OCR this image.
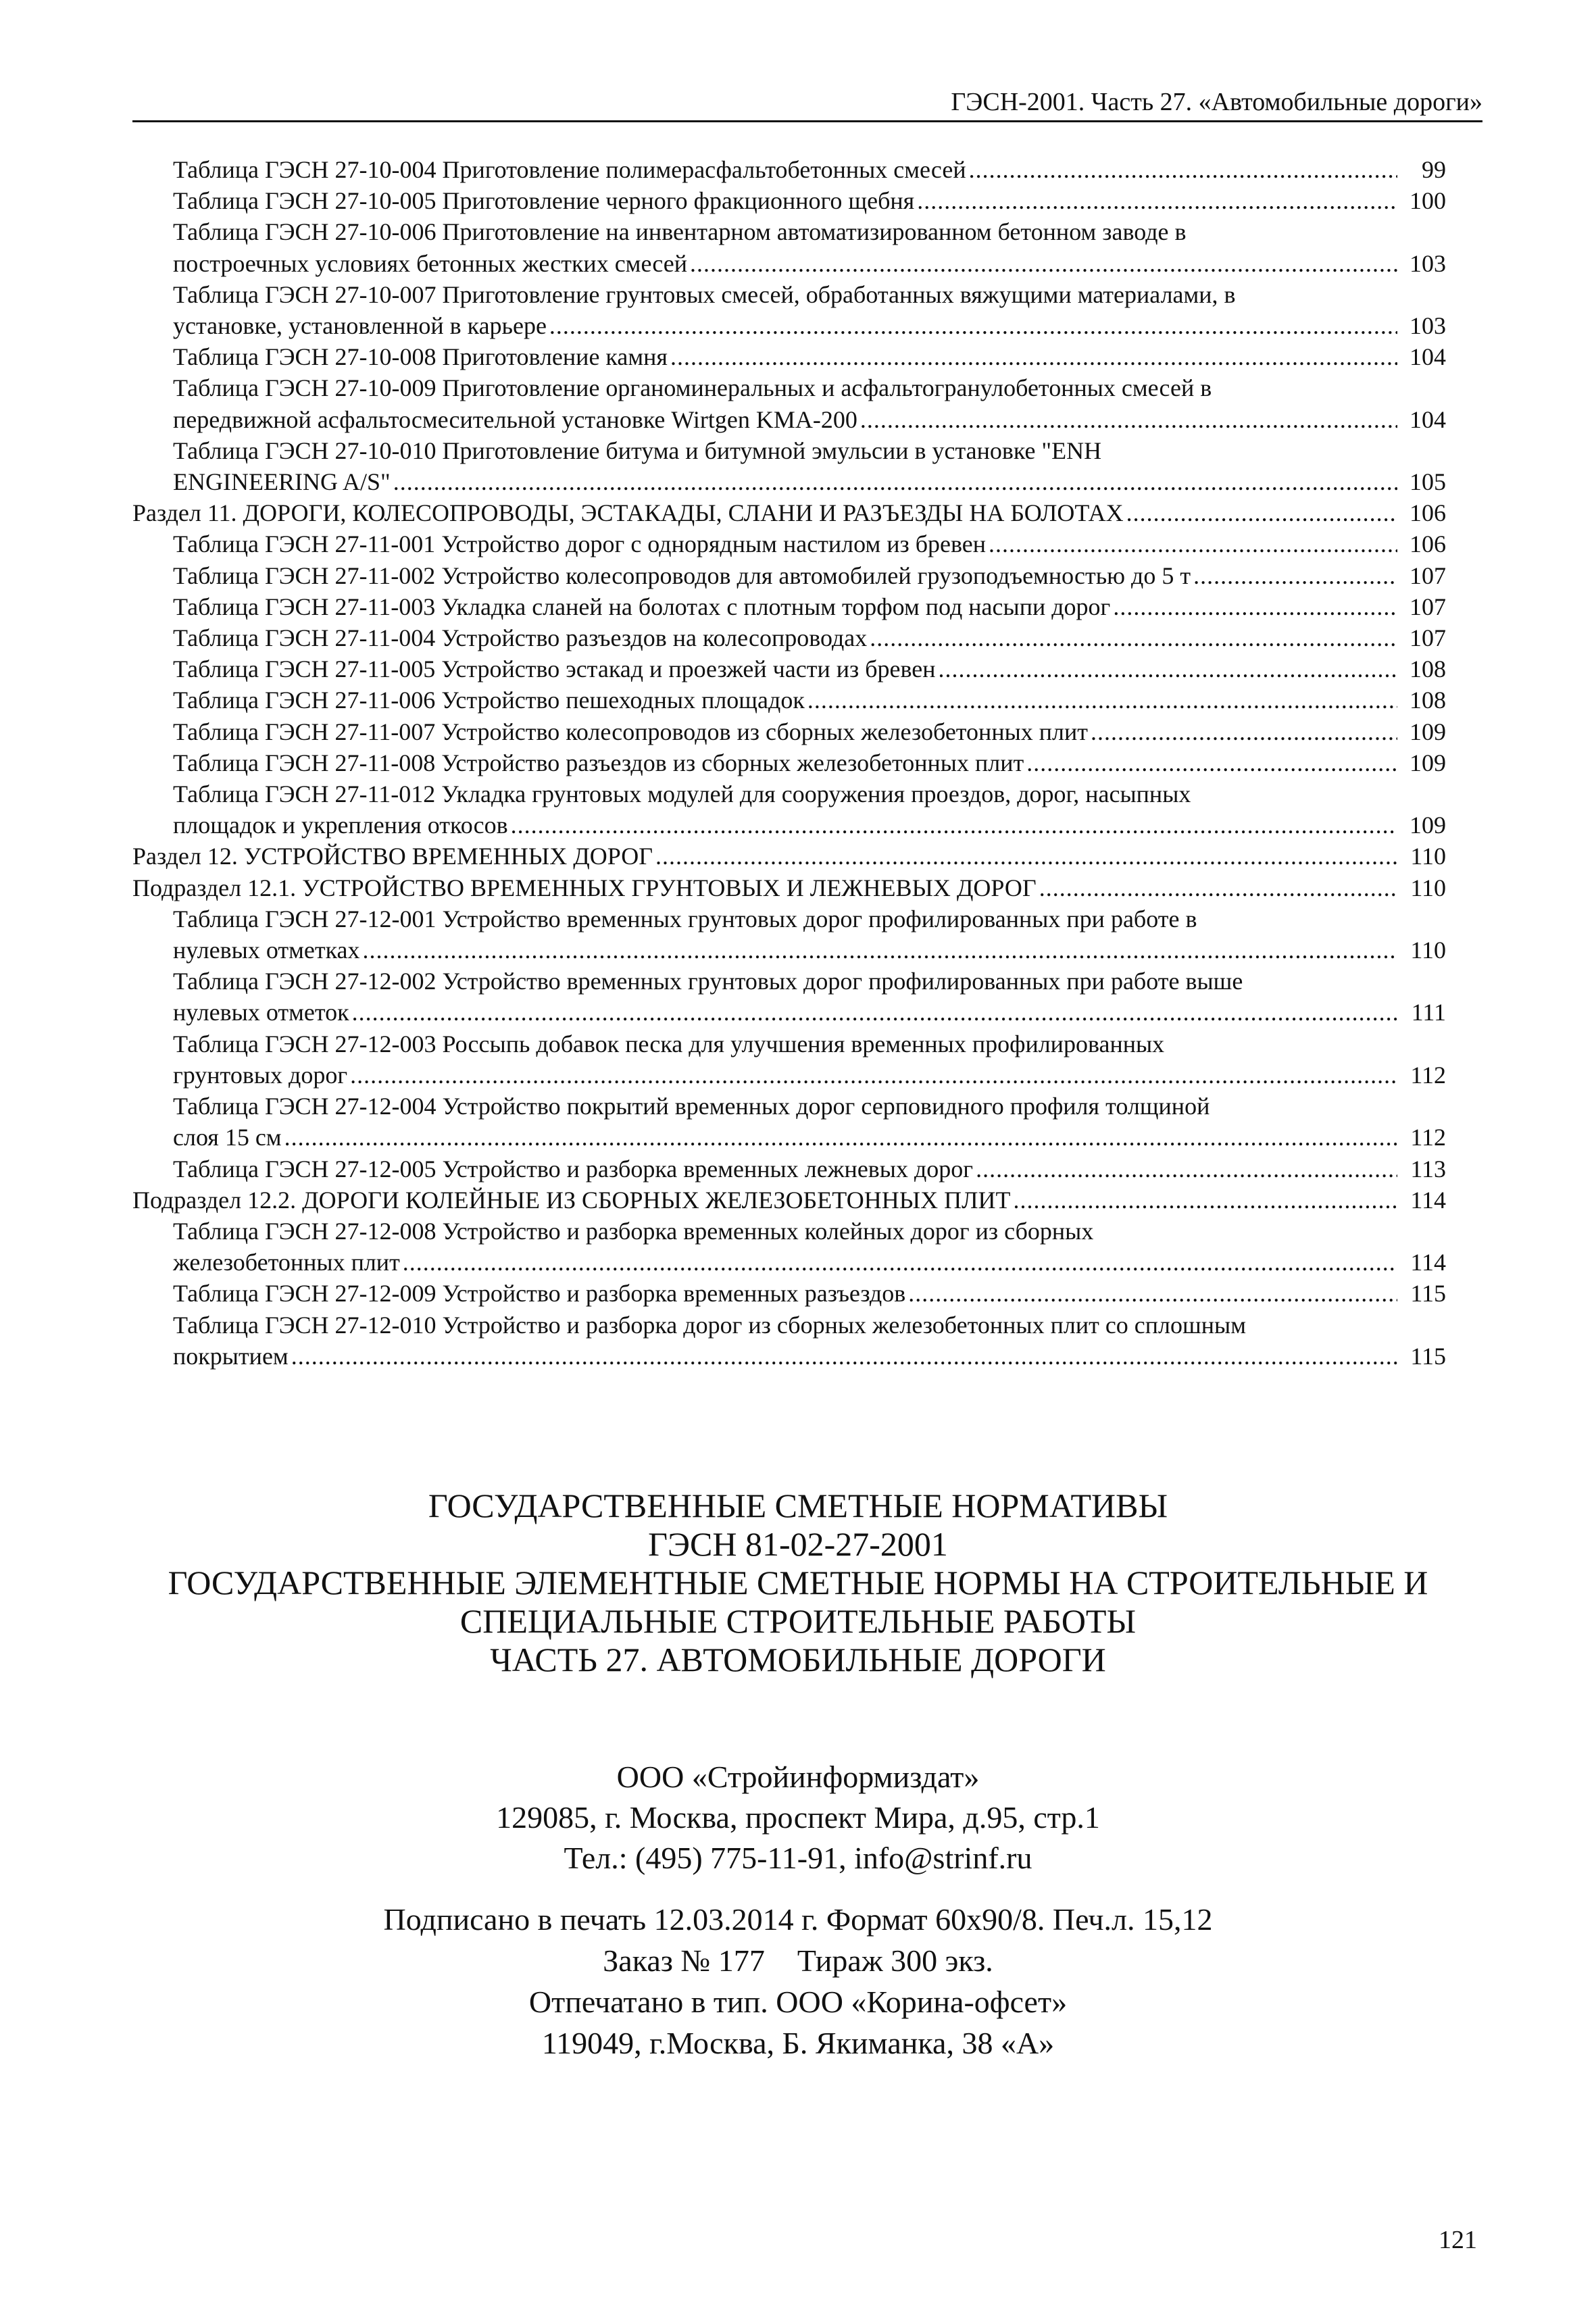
ГЭСН-2001. Часть 27. «Автомобильные дороги»
Таблица ГЭСН 27-10-004 Приготовление полимерасфальтобетонных смесей .....	99
Таблица ГЭСН 27-10-005 Приготовление черного фракционного щебня .....	100
Таблица ГЭСН 27-10-006 Приготовление на инвентарном автоматизированном бетонном заводе в
построечных условиях бетонных жестких смесей .....	103
Таблица ГЭСН 27-10-007 Приготовление грунтовых смесей, обработанных вяжущими материалами, в
установке, установленной в карьере .....	103
Таблица ГЭСН 27-10-008 Приготовление камня .....	104
Таблица ГЭСН 27-10-009 Приготовление органоминеральных и асфальтогранулобетонных смесей в
передвижной асфальтосмесительной установке Wirtgen KMA-200 .....	104
Таблица ГЭСН 27-10-010 Приготовление битума и битумной эмульсии в установке "ENH
ENGINEERING A/S" .....	105
Раздел 11. ДОРОГИ, КОЛЕСОПРОВОДЫ, ЭСТАКАДЫ, СЛАНИ И РАЗЪЕЗДЫ НА БОЛОТАХ .....	106
Таблица ГЭСН 27-11-001 Устройство дорог с однорядным настилом из бревен .....	106
Таблица ГЭСН 27-11-002 Устройство колесопроводов для автомобилей грузоподъемностью до 5 т .....	107
Таблица ГЭСН 27-11-003 Укладка сланей на болотах с плотным торфом под насыпи дорог .....	107
Таблица ГЭСН 27-11-004 Устройство разъездов на колесопроводах .....	107
Таблица ГЭСН 27-11-005 Устройство эстакад и проезжей части из бревен .....	108
Таблица ГЭСН 27-11-006 Устройство пешеходных площадок .....	108
Таблица ГЭСН 27-11-007 Устройство колесопроводов из сборных железобетонных плит .....	109
Таблица ГЭСН 27-11-008 Устройство разъездов из сборных железобетонных плит .....	109
Таблица ГЭСН 27-11-012 Укладка грунтовых модулей для сооружения проездов, дорог, насыпных
площадок и укрепления откосов .....	109
Раздел 12. УСТРОЙСТВО ВРЕМЕННЫХ ДОРОГ .....	110
Подраздел 12.1. УСТРОЙСТВО ВРЕМЕННЫХ ГРУНТОВЫХ И ЛЕЖНЕВЫХ ДОРОГ .....	110
Таблица ГЭСН 27-12-001 Устройство временных грунтовых дорог профилированных при работе в
нулевых отметках .....	110
Таблица ГЭСН 27-12-002 Устройство временных грунтовых дорог профилированных при работе выше
нулевых отметок .....	111
Таблица ГЭСН 27-12-003 Россыпь добавок песка для улучшения временных профилированных
грунтовых дорог .....	112
Таблица ГЭСН 27-12-004 Устройство покрытий временных дорог серповидного профиля толщиной
слоя 15 см .....	112
Таблица ГЭСН 27-12-005 Устройство и разборка временных лежневых дорог .....	113
Подраздел 12.2. ДОРОГИ КОЛЕЙНЫЕ ИЗ СБОРНЫХ ЖЕЛЕЗОБЕТОННЫХ ПЛИТ .....	114
Таблица ГЭСН 27-12-008 Устройство и разборка временных колейных дорог из сборных
железобетонных плит .....	114
Таблица ГЭСН 27-12-009 Устройство и разборка временных разъездов .....	115
Таблица ГЭСН 27-12-010 Устройство и разборка дорог из сборных железобетонных плит со сплошным
покрытием .....	115
ГОСУДАРСТВЕННЫЕ СМЕТНЫЕ НОРМАТИВЫ
ГЭСН 81-02-27-2001
ГОСУДАРСТВЕННЫЕ ЭЛЕМЕНТНЫЕ СМЕТНЫЕ НОРМЫ НА СТРОИТЕЛЬНЫЕ И
СПЕЦИАЛЬНЫЕ СТРОИТЕЛЬНЫЕ РАБОТЫ
ЧАСТЬ 27. АВТОМОБИЛЬНЫЕ ДОРОГИ
ООО «Стройинформиздат»
129085, г. Москва, проспект Мира, д.95, стр.1
Тел.: (495) 775-11-91, info@strinf.ru
Подписано в печать 12.03.2014 г. Формат 60х90/8. Печ.л. 15,12
Заказ № 177 Тираж 300 экз.
Отпечатано в тип. ООО «Корина-офсет»
119049, г.Москва, Б. Якиманка, 38 «А»
121
